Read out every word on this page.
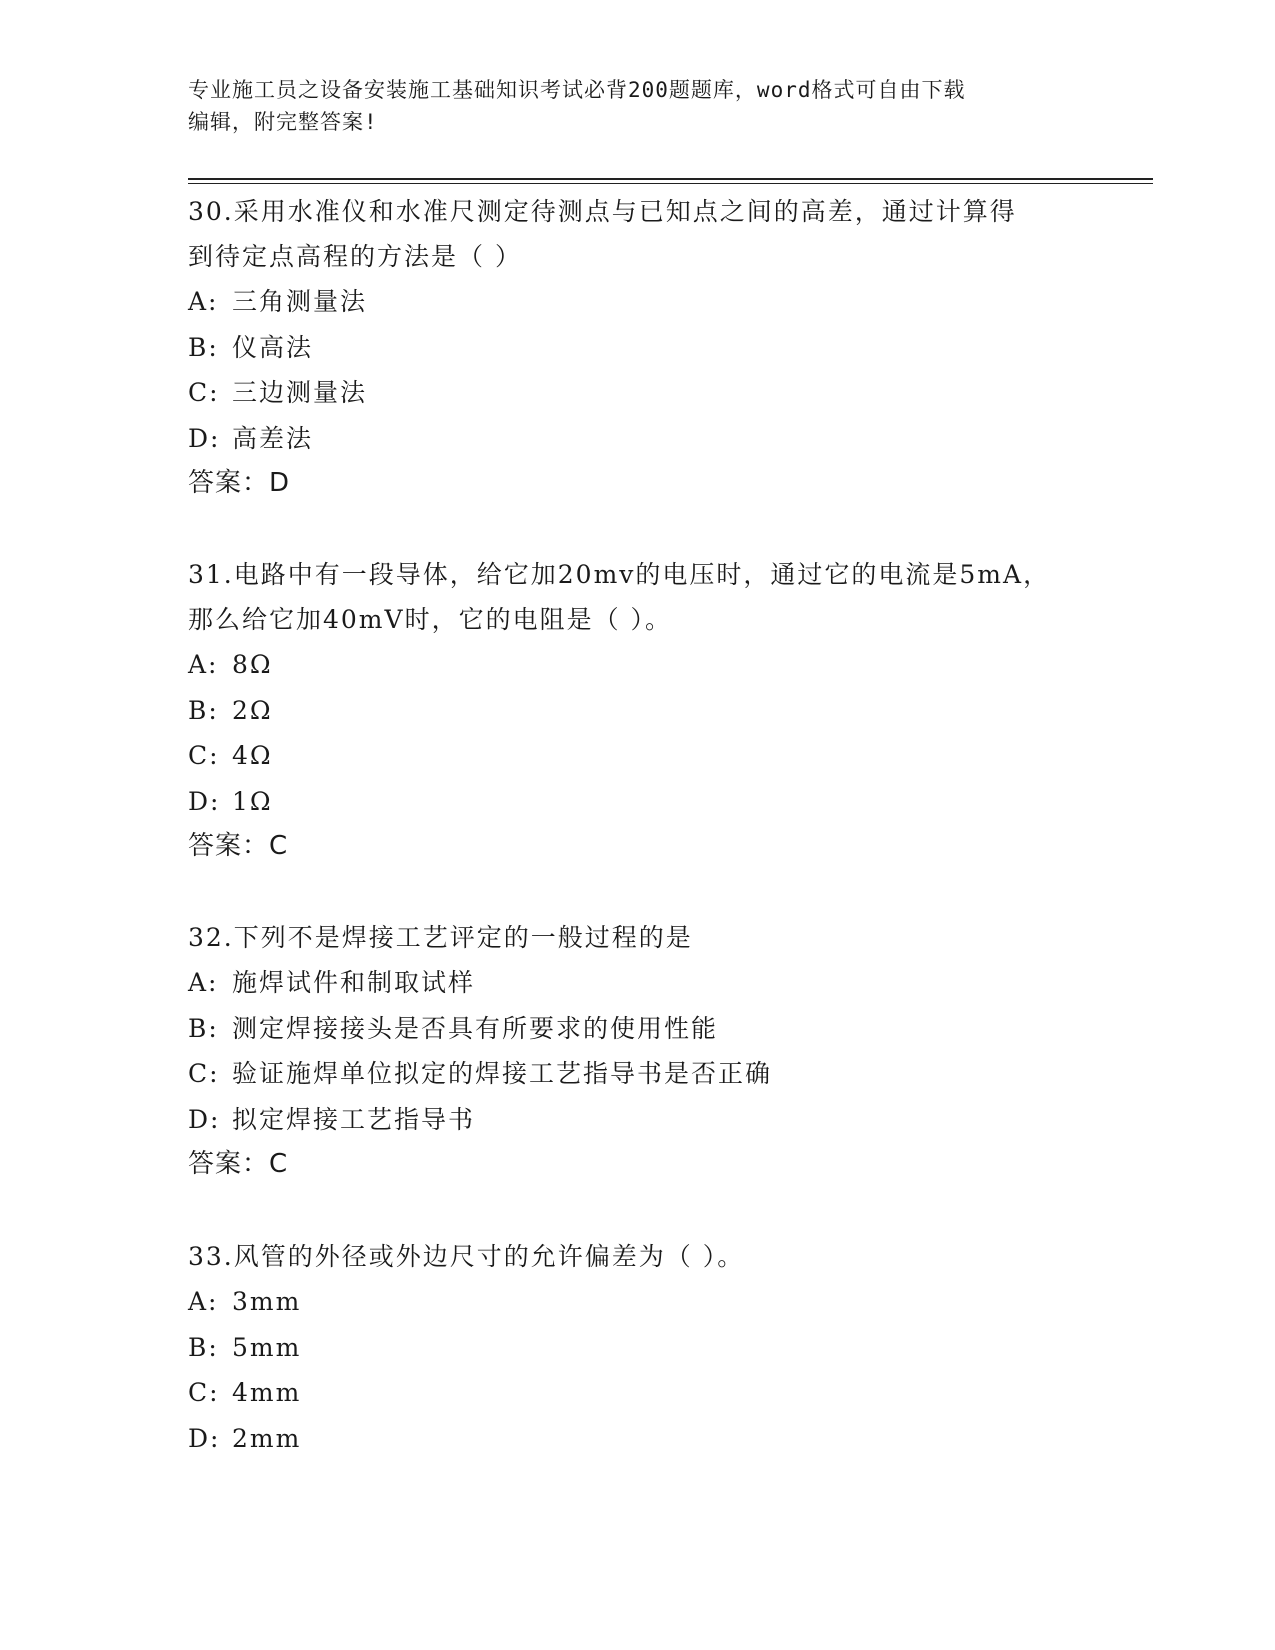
专业施工员之设备安装施工基础知识考试必背200题题库，word格式可自由下载
编辑，附完整答案!

30.采用水准仪和水准尺测定待测点与已知点之间的高差，通过计算得

到待定点高程的方法是（ ）

A: 三角测量法

B: 仪高法

C: 三边测量法

D: 高差法

答案：D

31.电路中有一段导体，给它加20mv的电压时，通过它的电流是5mA，

那么给它加40mV时，它的电阻是（ ）。

A: 8Ω

B: 2Ω

C: 4Ω

D: 1Ω

答案：C

32.下列不是焊接工艺评定的一般过程的是

A: 施焊试件和制取试样

B: 测定焊接接头是否具有所要求的使用性能

C: 验证施焊单位拟定的焊接工艺指导书是否正确

D: 拟定焊接工艺指导书

答案：C

33.风管的外径或外边尺寸的允许偏差为（ ）。

A: 3mm

B: 5mm

C: 4mm

D: 2mm
